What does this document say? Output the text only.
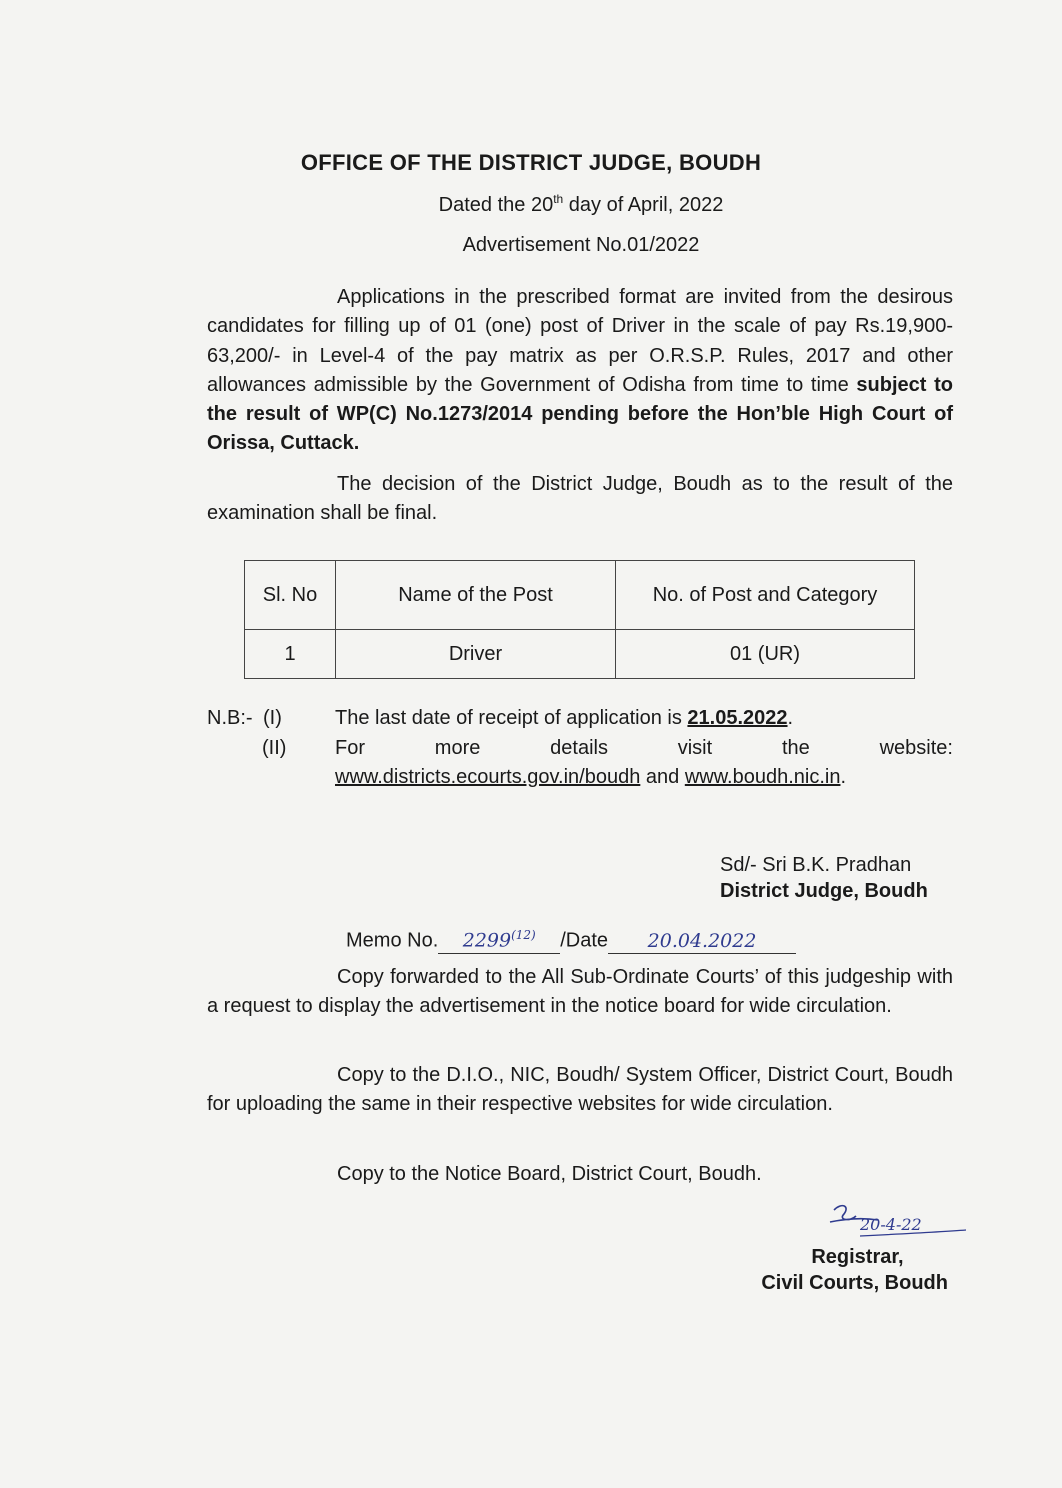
OFFICE OF THE DISTRICT JUDGE, BOUDH
Dated the 20th day of April, 2022
Advertisement No.01/2022

Applications in the prescribed format are invited from the desirous candidates for filling up of 01 (one) post of Driver in the scale of pay Rs.19,900- 63,200/- in Level-4 of the pay matrix as per O.R.S.P. Rules, 2017 and other allowances admissible by the Government of Odisha from time to time subject to the result of WP(C) No.1273/2014 pending before the Hon’ble High Court of Orissa, Cuttack.

The decision of the District Judge, Boudh as to the result of the examination shall be final.

Sl. No	Name of the Post	No. of Post and Category
1	Driver	01 (UR)
N.B:- (I)	The last date of receipt of application is 21.05.2022.
(II) For	more	details	visit	the	website:
www.districts.ecourts.gov.in/boudh and www.boudh.nic.in.
Sd/- Sri B.K. Pradhan
District Judge, Boudh
Memo No. 2299$^{(12)}$ /Date 20.04.2022

Copy forwarded to the All Sub-Ordinate Courts’ of this judgeship with a request to display the advertisement in the notice board for wide circulation.

Copy to the D.I.O., NIC, Boudh/ System Officer, District Court, Boudh for uploading the same in their respective websites for wide circulation.

Copy to the Notice Board, District Court, Boudh.

20-4-22
Registrar,
Civil Courts, Boudh
